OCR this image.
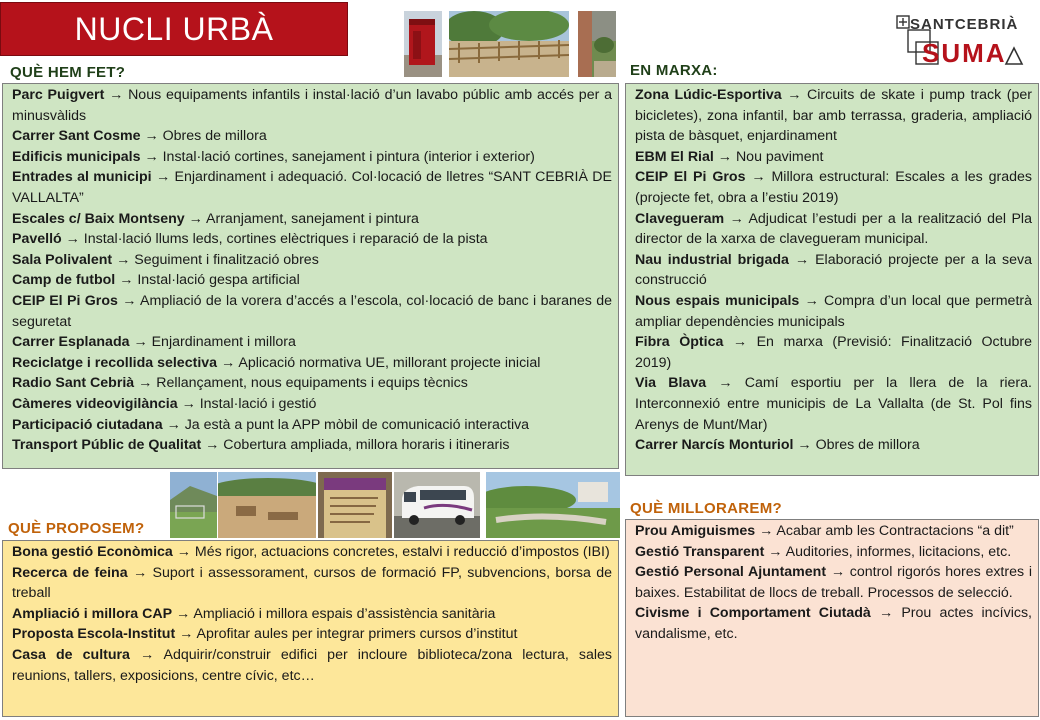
NUCLI URBÀ	SANTCEBRIÀ
SUMA
QUÈ HEM FET?	EN MARXA:
QUÈ PROPOSEM?
QUÈ MILLORAREM?

Parc Puigvert → Nous equipaments infantils i instal·lació d’un lavabo públic amb accés per a minusvàlids

Carrer Sant Cosme → Obres de millora

Edificis municipals → Instal·lació cortines, sanejament i pintura (interior i exterior)

Entrades al municipi → Enjardinament i adequació. Col·locació de lletres “SANT CEBRIÀ DE VALLALTA”

Escales c/ Baix Montseny → Arranjament, sanejament i pintura

Pavelló → Instal·lació llums leds, cortines elèctriques i reparació de la pista

Sala Polivalent → Seguiment i finalització obres

Camp de futbol → Instal·lació gespa artificial

CEIP El Pi Gros → Ampliació de la vorera d’accés a l’escola, col·locació de banc i baranes de seguretat

Carrer Esplanada → Enjardinament i millora

Reciclatge i recollida selectiva → Aplicació normativa UE, millorant projecte inicial

Radio Sant Cebrià → Rellançament, nous equipaments i equips tècnics

Càmeres videovigilància → Instal·lació i gestió

Participació ciutadana → Ja està a punt la APP mòbil de comunicació interactiva

Transport Públic de Qualitat → Cobertura ampliada, millora horaris i itineraris

Zona Lúdic-Esportiva → Circuits de skate i pump track (per bicicletes), zona infantil, bar amb terrassa, graderia, ampliació pista de bàsquet, enjardinament

EBM El Rial → Nou paviment

CEIP El Pi Gros → Millora estructural: Escales a les grades (projecte fet, obra a l’estiu 2019)

Clavegueram → Adjudicat l’estudi per a la realització del Pla director de la xarxa de clavegueram municipal.

Nau industrial brigada → Elaboració projecte per a la seva construcció

Nous espais municipals → Compra d’un local que permetrà ampliar dependències municipals

Fibra Òptica → En marxa (Previsió: Finalització Octubre 2019)

Via Blava → Camí esportiu per la llera de la riera. Interconnexió entre municipis de La Vallalta (de St. Pol fins Arenys de Munt/Mar)

Carrer Narcís Monturiol → Obres de millora

Bona gestió Econòmica → Més rigor, actuacions concretes, estalvi i reducció d’impostos (IBI)

Recerca de feina → Suport i assessorament, cursos de formació FP, subvencions, borsa de treball

Ampliació i millora CAP → Ampliació i millora espais d’assistència sanitària

Proposta Escola-Institut → Aprofitar aules per integrar primers cursos d’institut

Casa de cultura → Adquirir/construir edifici per incloure biblioteca/zona lectura, sales reunions, tallers, exposicions, centre cívic, etc…

Prou Amiguismes → Acabar amb les Contractacions “a dit”

Gestió Transparent → Auditories, informes, licitacions, etc.

Gestió Personal Ajuntament → control rigorós hores extres i baixes. Estabilitat de llocs de treball. Processos de selecció.

Civisme i Comportament Ciutadà → Prou actes incívics, vandalisme, etc.
